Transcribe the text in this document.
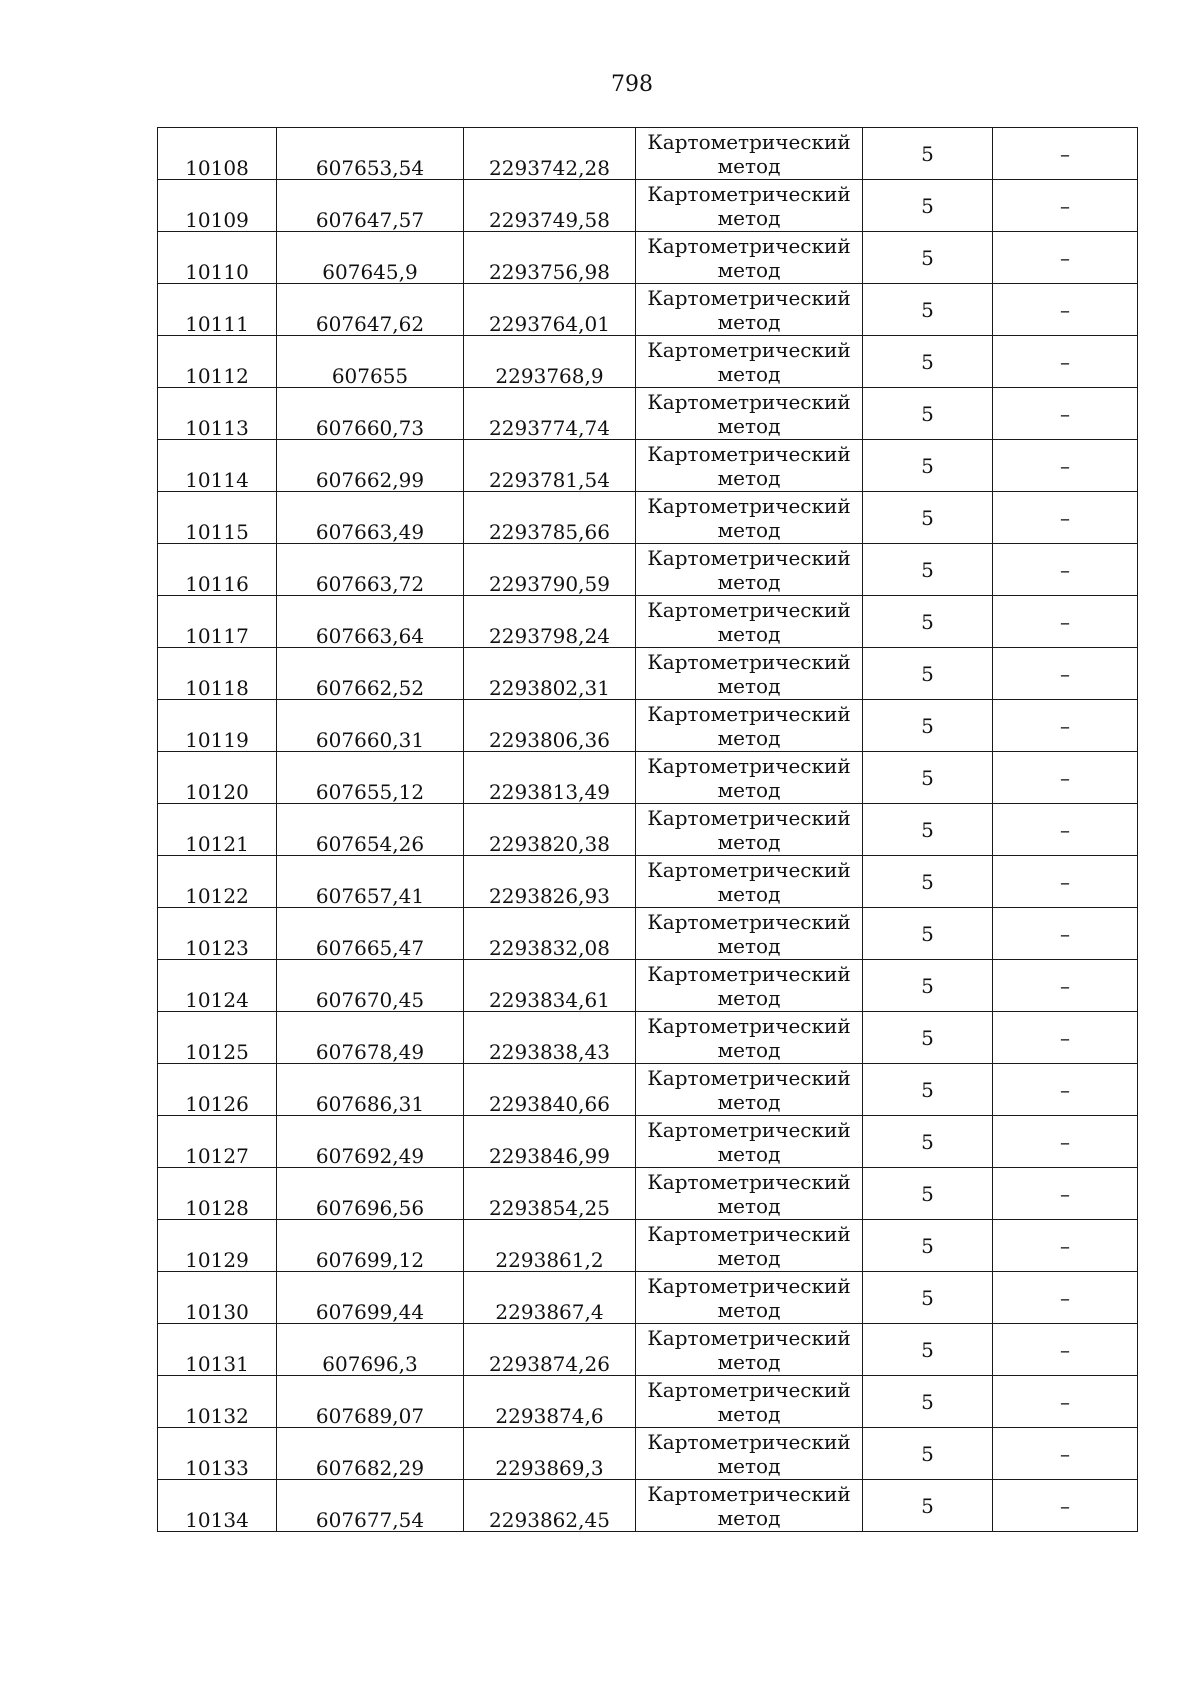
798
10108	607653,54	2293742,28	Картометрический метод	5	–
10109	607647,57	2293749,58	Картометрический метод	5	–
10110	607645,9	2293756,98	Картометрический метод	5	–
10111	607647,62	2293764,01	Картометрический метод	5	–
10112	607655	2293768,9	Картометрический метод	5	–
10113	607660,73	2293774,74	Картометрический метод	5	–
10114	607662,99	2293781,54	Картометрический метод	5	–
10115	607663,49	2293785,66	Картометрический метод	5	–
10116	607663,72	2293790,59	Картометрический метод	5	–
10117	607663,64	2293798,24	Картометрический метод	5	–
10118	607662,52	2293802,31	Картометрический метод	5	–
10119	607660,31	2293806,36	Картометрический метод	5	–
10120	607655,12	2293813,49	Картометрический метод	5	–
10121	607654,26	2293820,38	Картометрический метод	5	–
10122	607657,41	2293826,93	Картометрический метод	5	–
10123	607665,47	2293832,08	Картометрический метод	5	–
10124	607670,45	2293834,61	Картометрический метод	5	–
10125	607678,49	2293838,43	Картометрический метод	5	–
10126	607686,31	2293840,66	Картометрический метод	5	–
10127	607692,49	2293846,99	Картометрический метод	5	–
10128	607696,56	2293854,25	Картометрический метод	5	–
10129	607699,12	2293861,2	Картометрический метод	5	–
10130	607699,44	2293867,4	Картометрический метод	5	–
10131	607696,3	2293874,26	Картометрический метод	5	–
10132	607689,07	2293874,6	Картометрический метод	5	–
10133	607682,29	2293869,3	Картометрический метод	5	–
10134	607677,54	2293862,45	Картометрический метод	5	–
